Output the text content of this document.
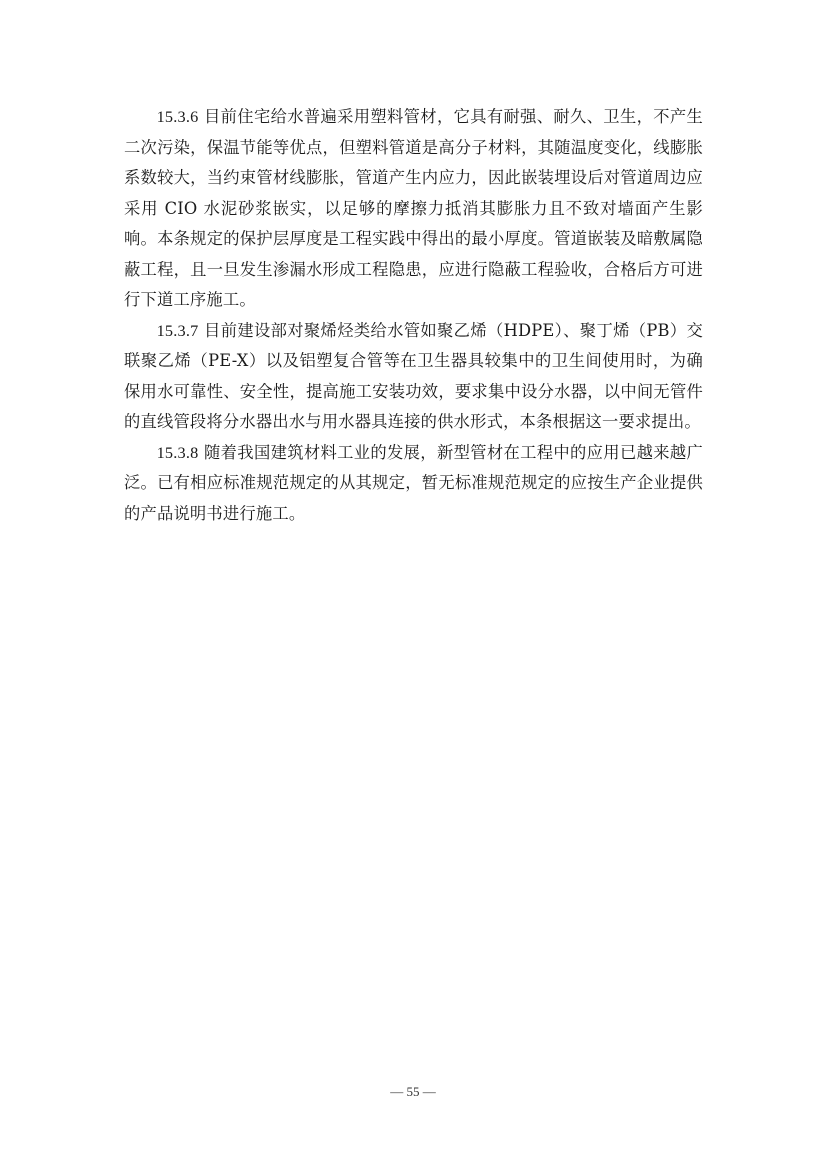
15.3.6 目前住宅给水普遍采用塑料管材，它具有耐强、耐久、卫生，不产生二次污染，保温节能等优点，但塑料管道是高分子材料，其随温度变化，线膨胀系数较大，当约束管材线膨胀，管道产生内应力，因此嵌装埋设后对管道周边应采用 CIO 水泥砂浆嵌实，以足够的摩擦力抵消其膨胀力且不致对墙面产生影响。本条规定的保护层厚度是工程实践中得出的最小厚度。管道嵌装及暗敷属隐蔽工程，且一旦发生渗漏水形成工程隐患，应进行隐蔽工程验收，合格后方可进行下道工序施工。

15.3.7 目前建设部对聚烯烃类给水管如聚乙烯（HDPE）、聚丁烯（PB）交联聚乙烯（PE-X）以及铝塑复合管等在卫生器具较集中的卫生间使用时，为确保用水可靠性、安全性，提高施工安装功效，要求集中设分水器，以中间无管件的直线管段将分水器出水与用水器具连接的供水形式，本条根据这一要求提出。

15.3.8 随着我国建筑材料工业的发展，新型管材在工程中的应用已越来越广泛。已有相应标准规范规定的从其规定，暂无标准规范规定的应按生产企业提供的产品说明书进行施工。

— 55 —
